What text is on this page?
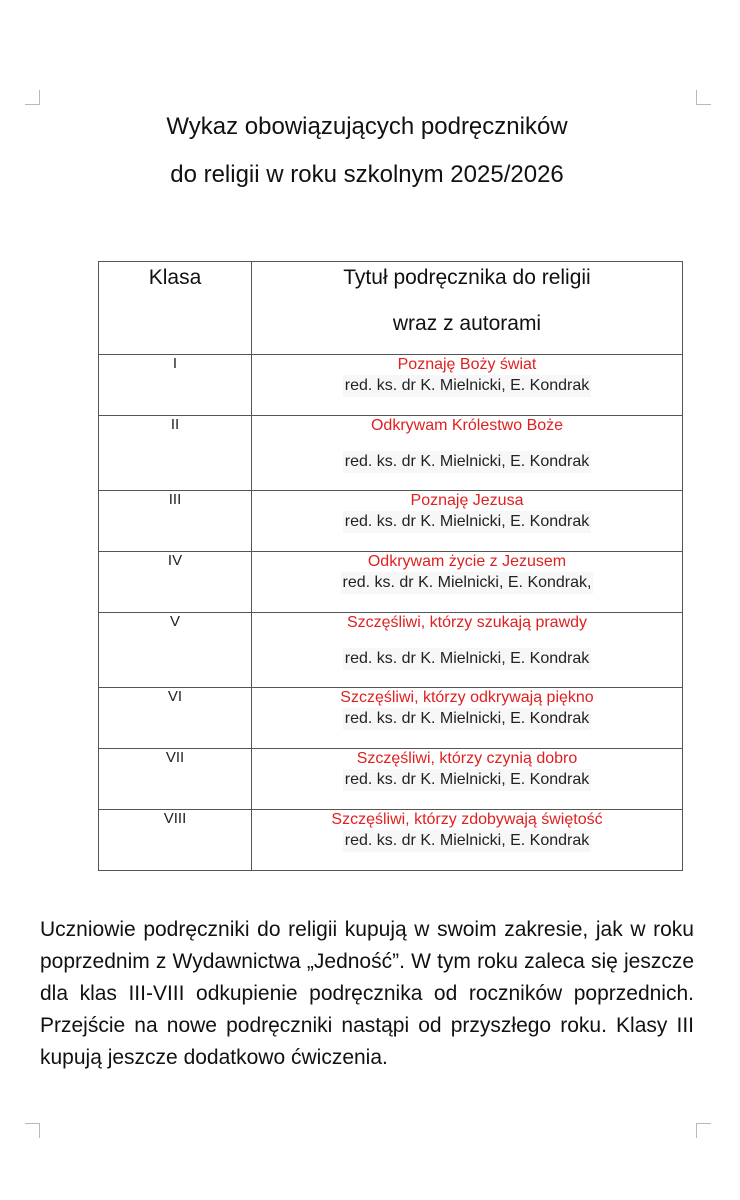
Wykaz obowiązujących podręczników
do religii w roku szkolnym 2025/2026
Klasa	Tytuł podręcznika do religii
wraz z autorami

I	Poznaję Boży świat
red. ks. dr K. Mielnicki, E. Kondrak
II	Odkrywam Królestwo Boże
red. ks. dr K. Mielnicki, E. Kondrak
III	Poznaję Jezusa
red. ks. dr K. Mielnicki, E. Kondrak
IV	Odkrywam życie z Jezusem
red. ks. dr K. Mielnicki, E. Kondrak,
V	Szczęśliwi, którzy szukają prawdy
red. ks. dr K. Mielnicki, E. Kondrak
VI	Szczęśliwi, którzy odkrywają piękno
red. ks. dr K. Mielnicki, E. Kondrak
VII	Szczęśliwi, którzy czynią dobro
red. ks. dr K. Mielnicki, E. Kondrak
VIII	Szczęśliwi, którzy zdobywają świętość
red. ks. dr K. Mielnicki, E. Kondrak
Uczniowie podręczniki do religii kupują w swoim zakresie, jak w roku poprzednim z Wydawnictwa „Jedność”. W tym roku zaleca się jeszcze dla klas III-VIII odkupienie podręcznika od roczników poprzednich. Przejście na nowe podręczniki nastąpi od przyszłego roku. Klasy III kupują jeszcze dodatkowo ćwiczenia.
